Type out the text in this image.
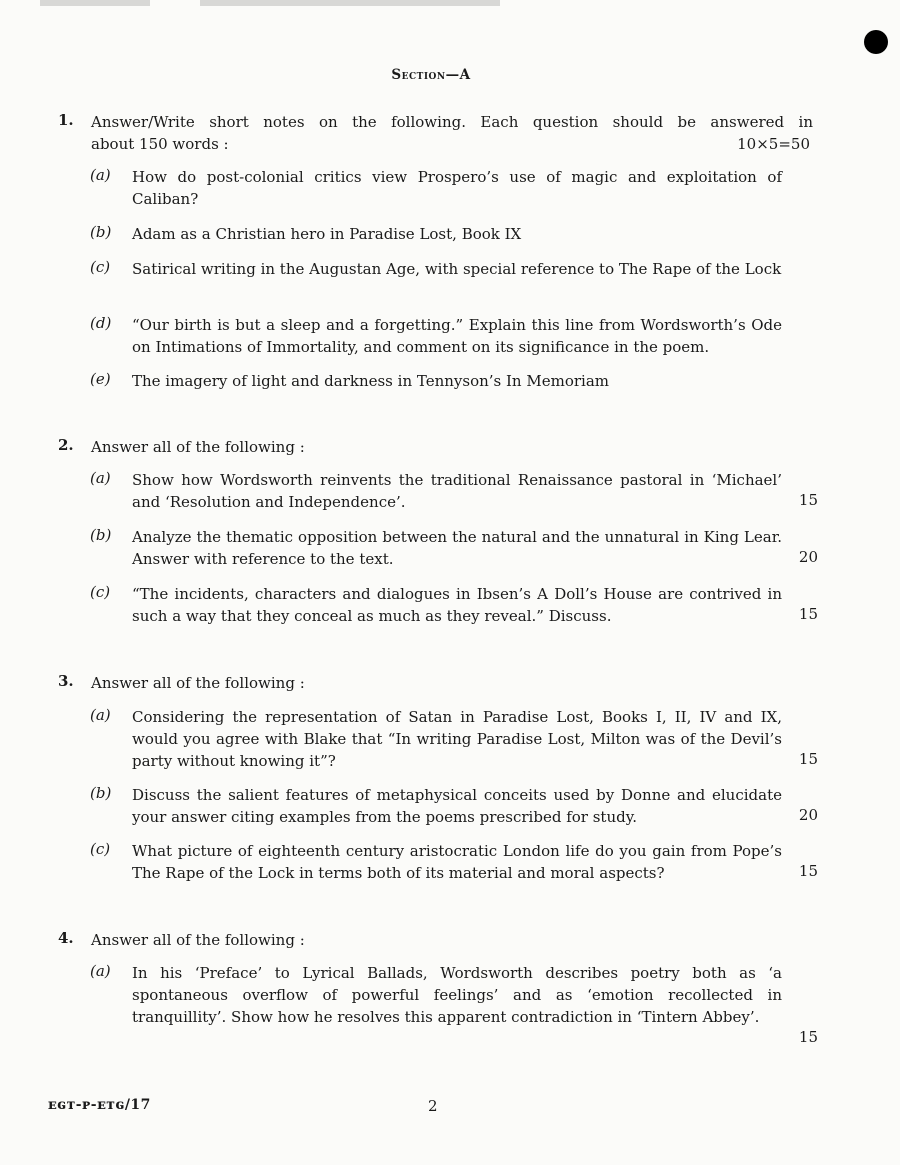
Section—A
1. Answer/Write short notes on the following. Each question should be answered in
about 150 words :	10×5=50
(a) How do post-colonial critics view Prospero’s use of magic and exploitation of Caliban?
(b) Adam as a Christian hero in Paradise Lost, Book IX
(c) Satirical writing in the Augustan Age, with special reference to The Rape of the Lock
(d) “Our birth is but a sleep and a forgetting.” Explain this line from Wordsworth’s Ode on Intimations of Immortality, and comment on its significance in the poem.
(e) The imagery of light and darkness in Tennyson’s In Memoriam
2. Answer all of the following :
(a) Show how Wordsworth reinvents the traditional Renaissance pastoral in ‘Michael’ and ‘Resolution and Independence’.	15
(b) Analyze the thematic opposition between the natural and the unnatural in King Lear. Answer with reference to the text.	20
(c) “The incidents, characters and dialogues in Ibsen’s A Doll’s House are contrived in such a way that they conceal as much as they reveal.” Discuss.	15
3. Answer all of the following :
(a) Considering the representation of Satan in Paradise Lost, Books I, II, IV and IX, would you agree with Blake that “In writing Paradise Lost, Milton was of the Devil’s party without knowing it”?	15
(b) Discuss the salient features of metaphysical conceits used by Donne and elucidate your answer citing examples from the poems prescribed for study.	20
(c) What picture of eighteenth century aristocratic London life do you gain from Pope’s The Rape of the Lock in terms both of its material and moral aspects?	15
4. Answer all of the following :
(a) In his ‘Preface’ to Lyrical Ballads, Wordsworth describes poetry both as ‘a spontaneous overflow of powerful feelings’ and as ‘emotion recollected in tranquillity’. Show how he resolves this apparent contradiction in ‘Tintern Abbey’.
15
ᴇɢᴛ-ᴘ-ᴇᴛɢ/17	2
